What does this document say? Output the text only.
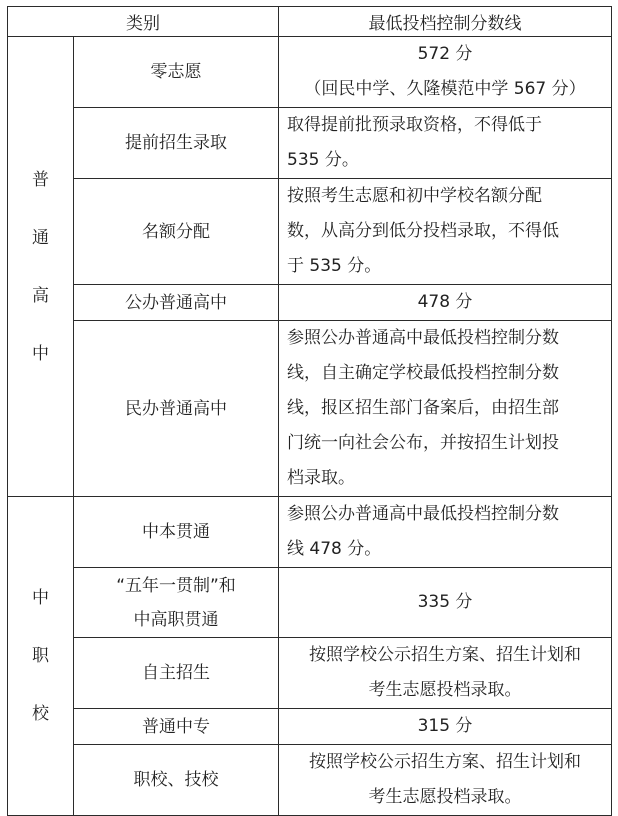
类别		最低投档控制分数线

普
通
高
中	零志愿	572 分
（回民中学、久隆模范中学 567 分）

	提前招生录取	取得提前批预录取资格，不得低于
535 分。

	名额分配	按照考生志愿和初中学校名额分配
数，从高分到低分投档录取，不得低
于 535 分。

	公办普通高中	478 分

	民办普通高中	参照公办普通高中最低投档控制分数
线，自主确定学校最低投档控制分数
线，报区招生部门备案后，由招生部
门统一向社会公布，并按招生计划投
档录取。

中
职
校	中本贯通	参照公办普通高中最低投档控制分数
线 478 分。

	“五年一贯制”和
中高职贯通	335 分

	自主招生	按照学校公示招生方案、招生计划和
考生志愿投档录取。

	普通中专	315 分

	职校、技校	按照学校公示招生方案、招生计划和
考生志愿投档录取。
